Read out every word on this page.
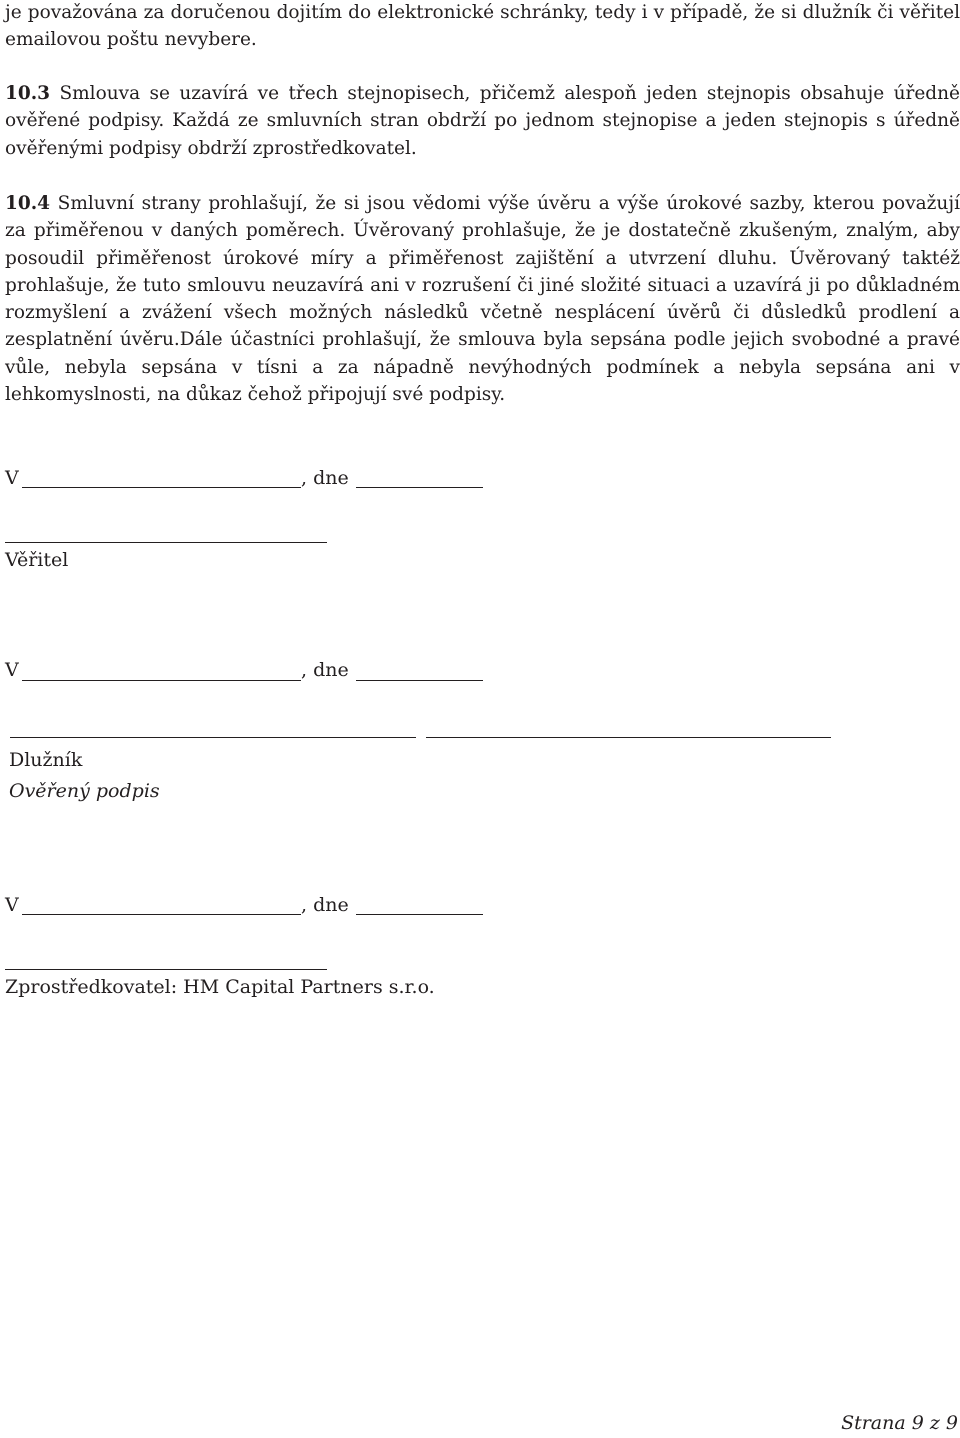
je považována za doručenou dojitím do elektronické schránky, tedy i v případě, že si dlužník či věřitel emailovou poštu nevybere.
10.3 Smlouva se uzavírá ve třech stejnopisech, přičemž alespoň jeden stejnopis obsahuje úředně ověřené podpisy. Každá ze smluvních stran obdrží po jednom stejnopise a jeden stejnopis s úředně ověřenými podpisy obdrží zprostředkovatel.
10.4 Smluvní strany prohlašují, že si jsou vědomi výše úvěru a výše úrokové sazby, kterou považují za přiměřenou v daných poměrech. Úvěrovaný prohlašuje, že je dostatečně zkušeným, znalým, aby posoudil přiměřenost úrokové míry a přiměřenost zajištění a utvrzení dluhu. Úvěrovaný taktéž prohlašuje, že tuto smlouvu neuzavírá ani v rozrušení či jiné složité situaci a uzavírá ji po důkladném rozmyšlení a zvážení všech možných následků včetně nesplácení úvěrů či důsledků prodlení a zesplatnění úvěru.Dále účastníci prohlašují, že smlouva byla sepsána podle jejich svobodné a pravé vůle, nebyla sepsána v tísni a za nápadně nevýhodných podmínek a nebyla sepsána ani v lehkomyslnosti, na důkaz čehož připojují své podpisy.
V	, dne
Věřitel
V	, dne
Dlužník
Ověřený podpis
V	, dne
Zprostředkovatel: HM Capital Partners s.r.o.
Strana 9 z 9
